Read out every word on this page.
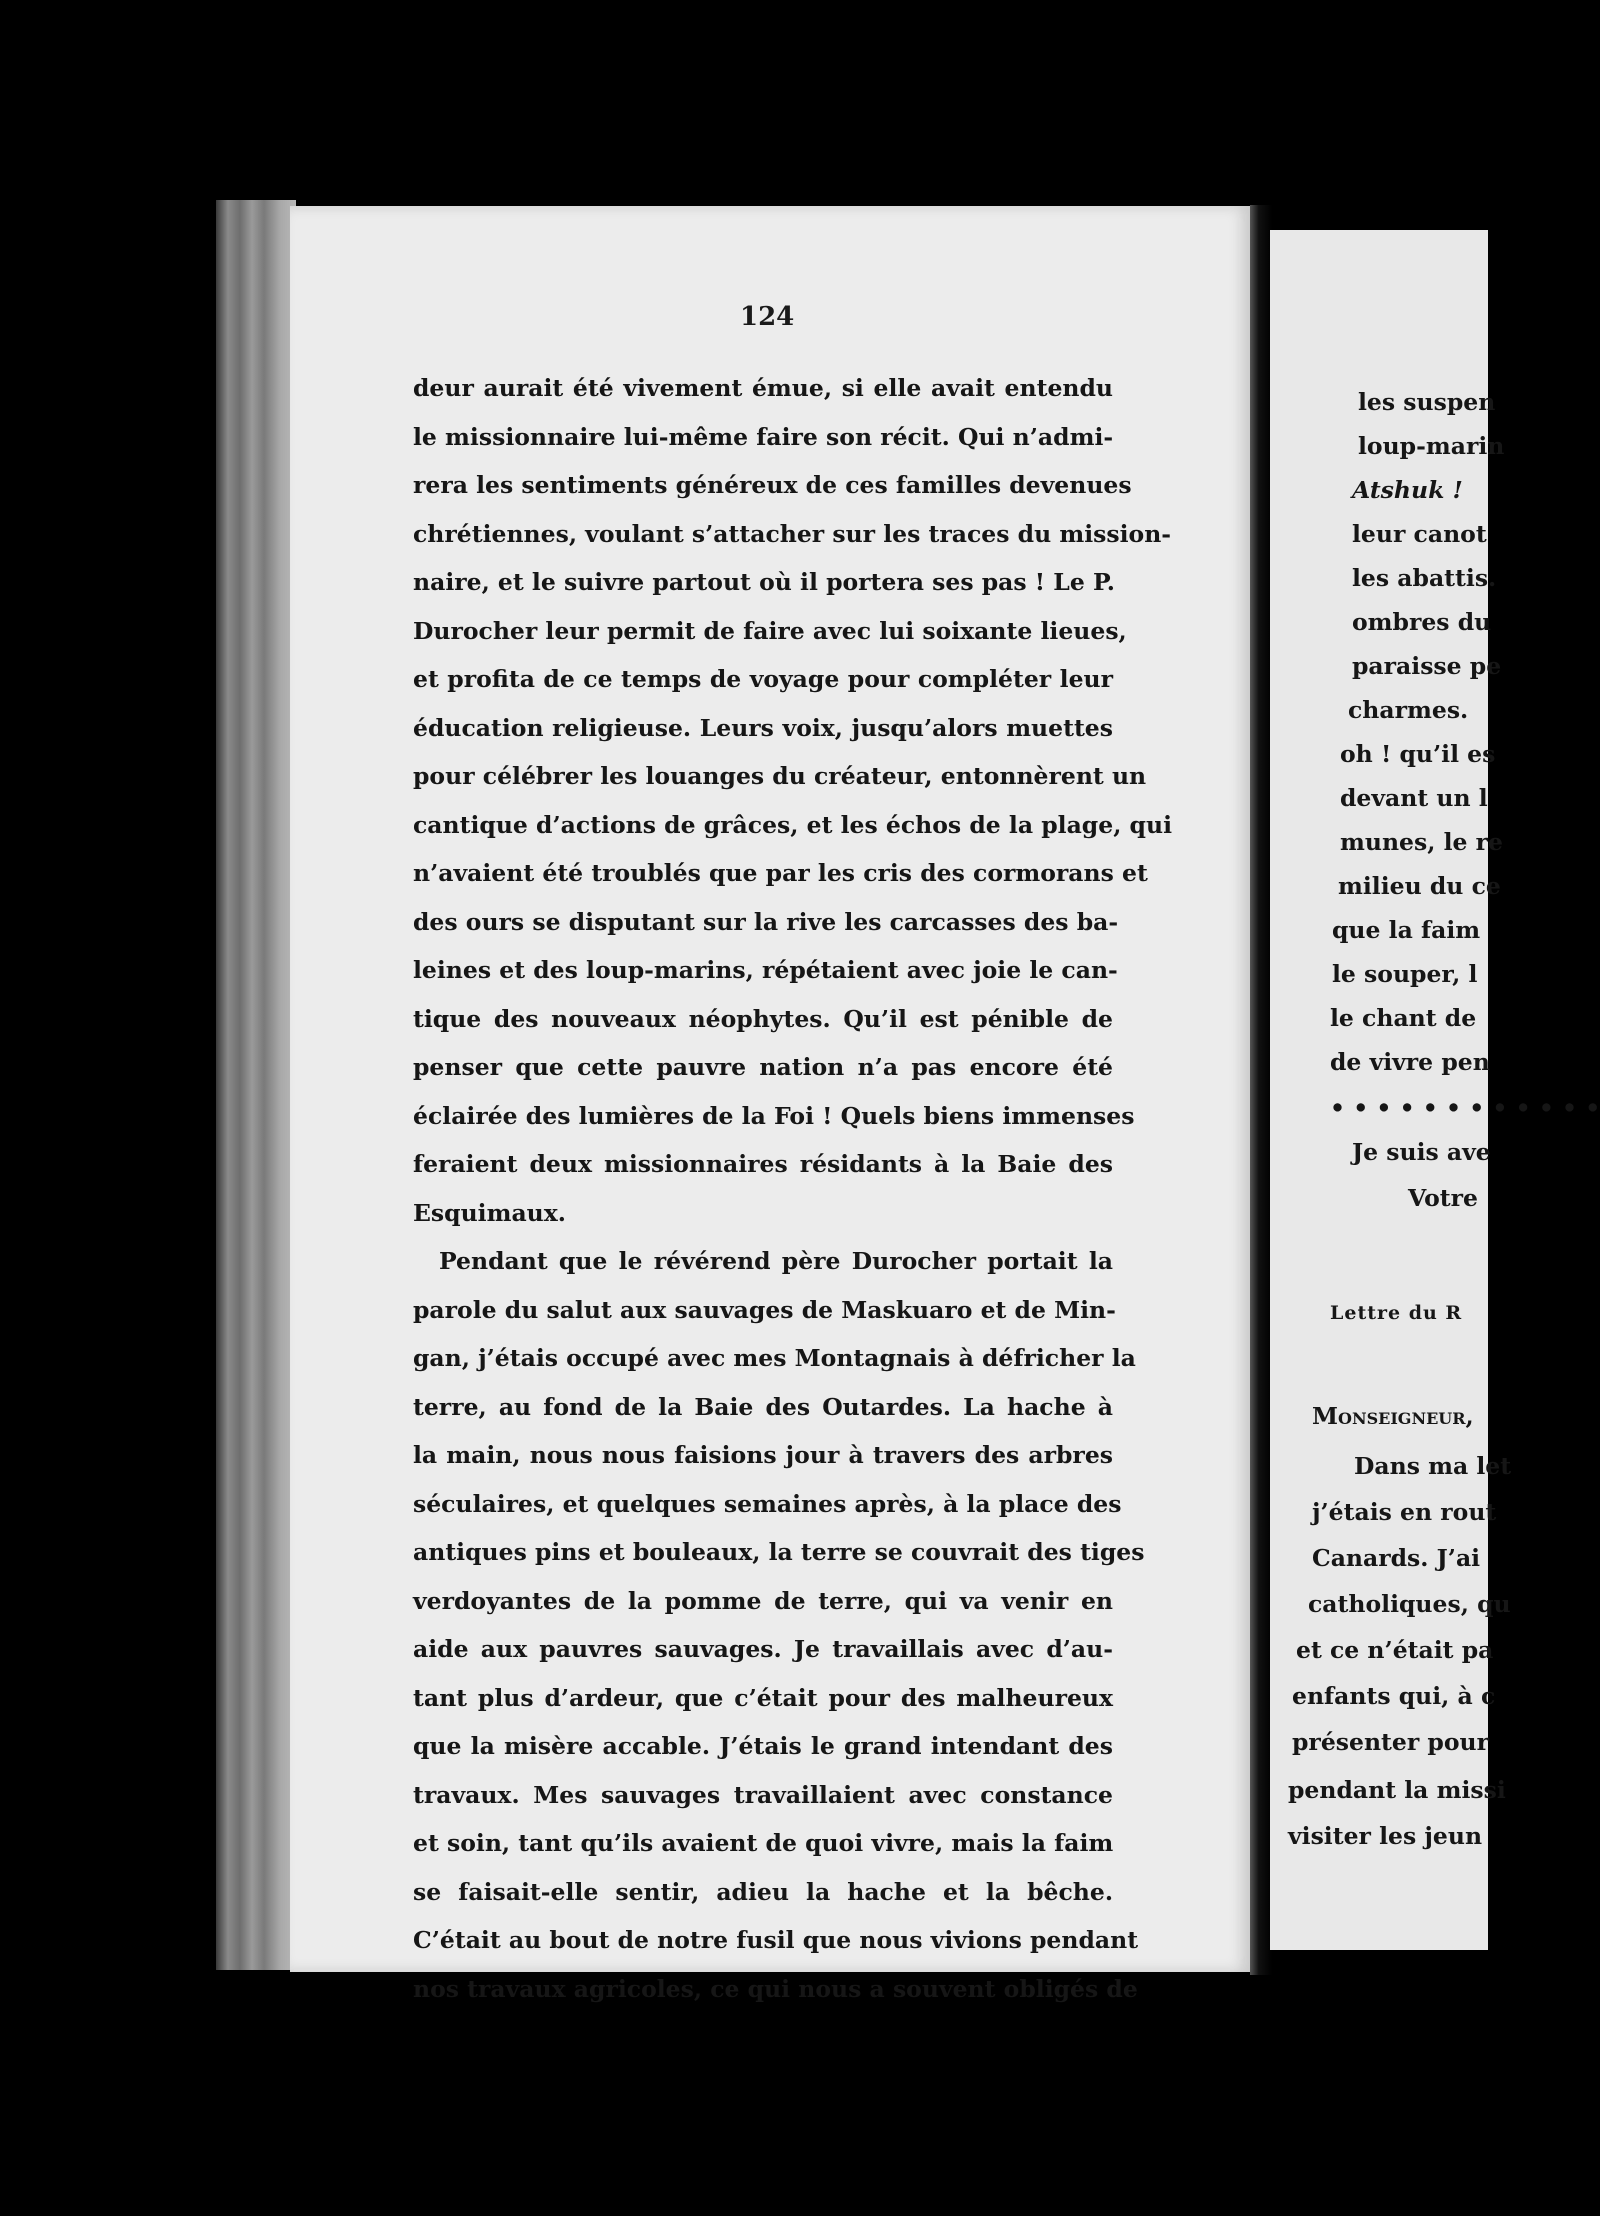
124
deur aurait été vivement émue, si elle avait entendu
le missionnaire lui-même faire son récit. Qui n’admi-
rera les sentiments généreux de ces familles devenues
chrétiennes, voulant s’attacher sur les traces du mission-
naire, et le suivre partout où il portera ses pas ! Le P.
Durocher leur permit de faire avec lui soixante lieues,
et profita de ce temps de voyage pour compléter leur
éducation religieuse. Leurs voix, jusqu’alors muettes
pour célébrer les louanges du créateur, entonnèrent un
cantique d’actions de grâces, et les échos de la plage, qui
n’avaient été troublés que par les cris des cormorans et
des ours se disputant sur la rive les carcasses des ba-
leines et des loup-marins, répétaient avec joie le can-
tique des nouveaux néophytes. Qu’il est pénible de
penser que cette pauvre nation n’a pas encore été
éclairée des lumières de la Foi ! Quels biens immenses
feraient deux missionnaires résidants à la Baie des
Esquimaux.
Pendant que le révérend père Durocher portait la
parole du salut aux sauvages de Maskuaro et de Min-
gan, j’étais occupé avec mes Montagnais à défricher la
terre, au fond de la Baie des Outardes. La hache à
la main, nous nous faisions jour à travers des arbres
séculaires, et quelques semaines après, à la place des
antiques pins et bouleaux, la terre se couvrait des tiges
verdoyantes de la pomme de terre, qui va venir en
aide aux pauvres sauvages. Je travaillais avec d’au-
tant plus d’ardeur, que c’était pour des malheureux
que la misère accable. J’étais le grand intendant des
travaux. Mes sauvages travaillaient avec constance
et soin, tant qu’ils avaient de quoi vivre, mais la faim
se faisait-elle sentir, adieu la hache et la bêche.
C’était au bout de notre fusil que nous vivions pendant
nos travaux agricoles, ce qui nous a souvent obligés de
les suspen
loup-marin
Atshuk !
leur canot
les abattis.
ombres du
paraisse pe
charmes.
oh ! qu’il es
devant un l
munes, le re
milieu du ce
que la faim
le souper, l
le chant de
de vivre pen
• • • • • • • • • • • •
Je suis ave
Votre
Lettre du R
Monseigneur,
Dans ma let
j’étais en rout
Canards. J’ai
catholiques, qu
et ce n’était pa
enfants qui, à c
présenter pour
pendant la missi
visiter les jeun
